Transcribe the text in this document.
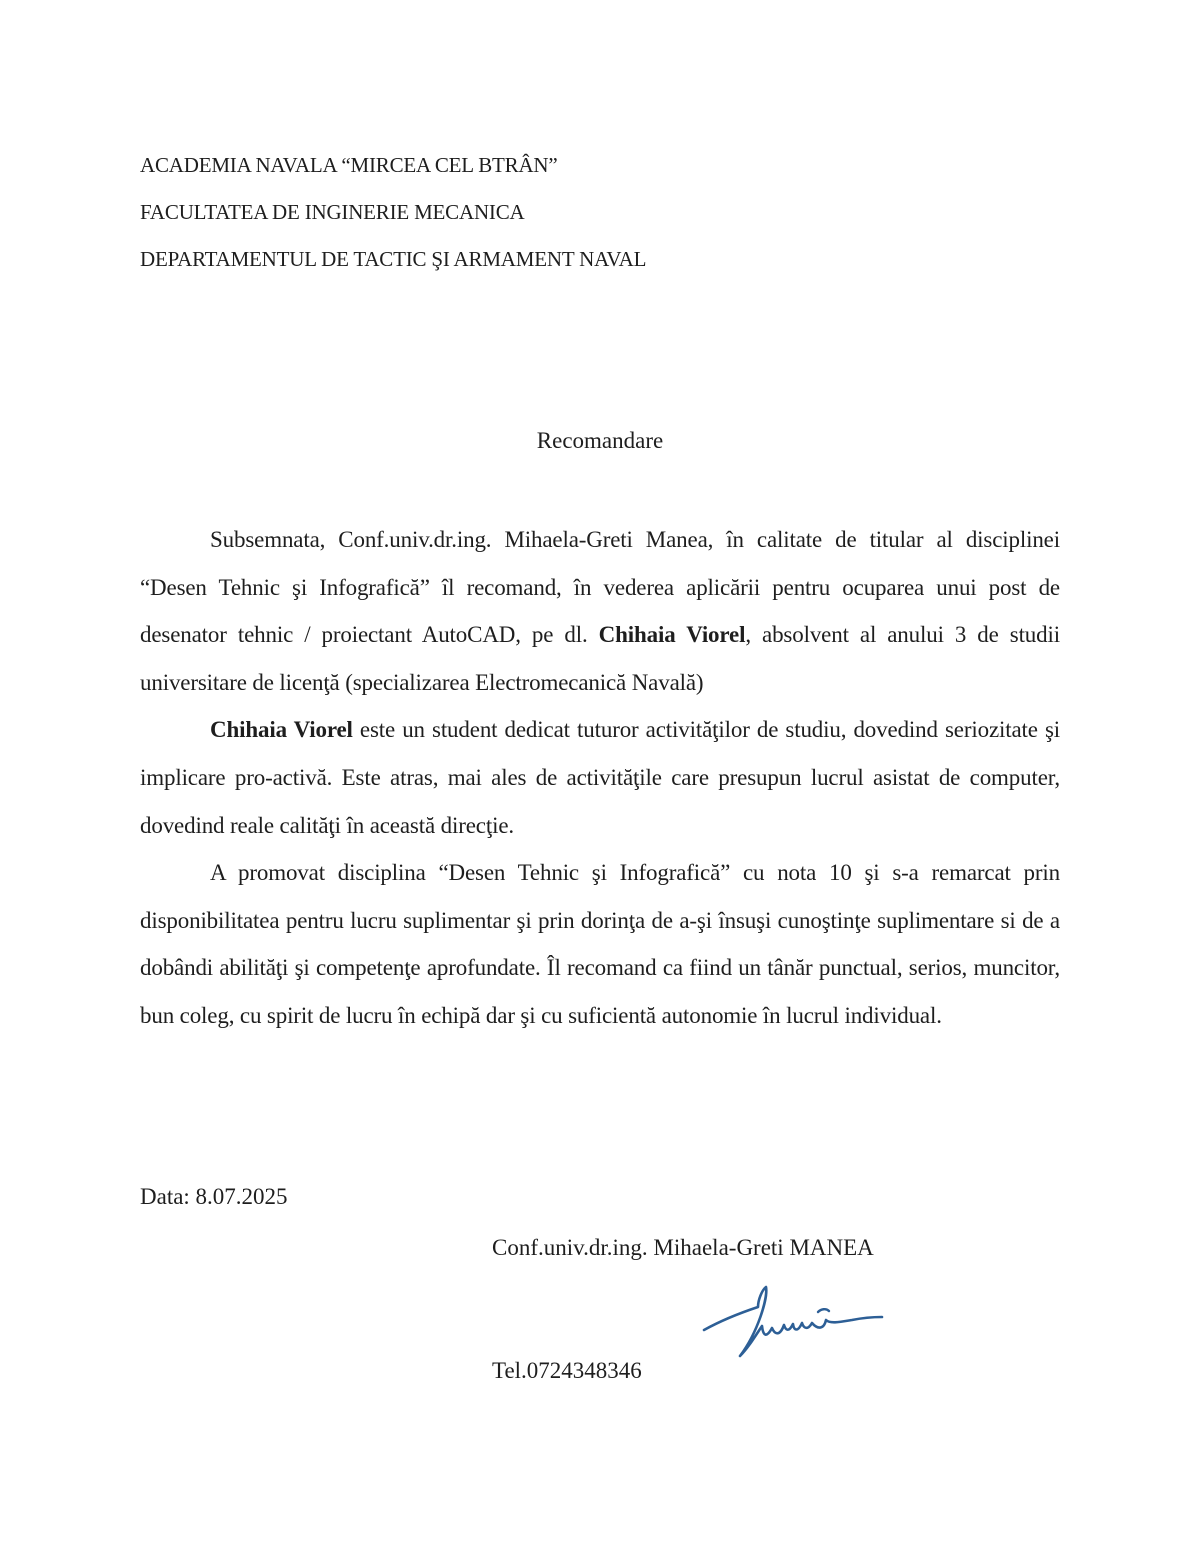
ACADEMIA NAVALA “MIRCEA CEL BTRÂN”
FACULTATEA DE INGINERIE MECANICA
DEPARTAMENTUL DE TACTIC ŞI ARMAMENT NAVAL
Recomandare

Subsemnata, Conf.univ.dr.ing. Mihaela-Greti Manea, în calitate de titular al disciplinei “Desen Tehnic şi Infografică” îl recomand, în vederea aplicării pentru ocuparea unui post de desenator tehnic / proiectant AutoCAD, pe dl. Chihaia Viorel, absolvent al anului 3 de studii universitare de licenţă (specializarea Electromecanică Navală)

Chihaia Viorel este un student dedicat tuturor activităţilor de studiu, dovedind seriozitate şi implicare pro-activă. Este atras, mai ales de activităţile care presupun lucrul asistat de computer, dovedind reale calităţi în această direcţie.

A promovat disciplina “Desen Tehnic şi Infografică” cu nota 10 şi s-a remarcat prin disponibilitatea pentru lucru suplimentar şi prin dorinţa de a-şi însuşi cunoştinţe suplimentare si de a dobândi abilităţi şi competenţe aprofundate. Îl recomand ca fiind un tânăr punctual, serios, muncitor, bun coleg, cu spirit de lucru în echipă dar şi cu suficientă autonomie în lucrul individual.

Data: 8.07.2025
Conf.univ.dr.ing. Mihaela-Greti MANEA
Tel.0724348346
